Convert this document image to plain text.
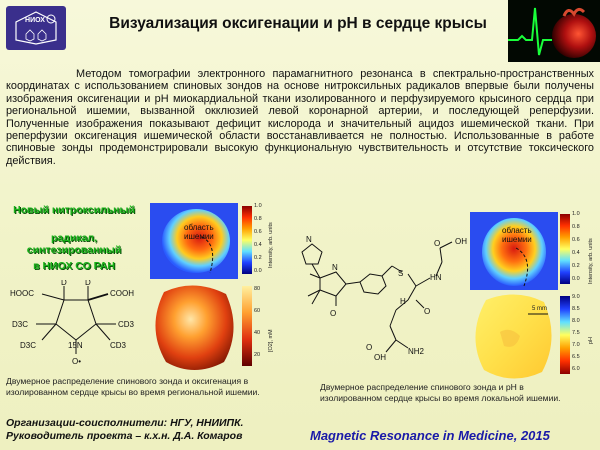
НИОХ	Визуализация оксигенации и pH в сердце крысы
Методом томографии электронного парамагнитного резонанса в спектрально-пространственных координатах с использованием спиновых зондов на основе нитроксильных радикалов впервые были получены изображения оксигенации и pH миокардиальной ткани изолированного и перфузируемого крысиного сердца при региональной ишемии, вызванной окклюзией левой коронарной артерии, и последующей реперфузии. Полученные изображения показывают дефицит кислорода и значительный ацидоз ишемической ткани. При реперфузии оксигенация ишемической области восстанавливается не полностью. Использованные в работе спиновые зонды продемонстрировали высокую функциональную чувствительность и отсутствие токсического действия.
Новый нитроксильный
радикал, синтезированный
в НИОХ СО РАН
HOOC	COOH
D D
D3C	CD3
D3C	CD3
15N
O•
область
ишемии
1.0
0.8
0.6
0.4
0.2
0.0
Intensity, arb. units
80
60
40
20
[O2], mM
Двумерное распределение спинового зонда и оксигенация в изолированном сердце крысы во время региональной ишемии.
N
N
O
S	HN
OH
O
O
H
OH
O	NH2
область
ишемии
5 mm
1.0
0.8
0.6
0.4
0.2
0.0 Intensity, arb. units
9.0
8.5
8.0
7.5
7.0
6.5
6.0
pH
Двумерное распределение спинового зонда и pH в изолированном сердце крысы во время локальной ишемии.
Организации-соисполнители: НГУ, ННИИПК.
Руководитель проекта – к.х.н. Д.А. Комаров	Magnetic Resonance in Medicine, 2015
